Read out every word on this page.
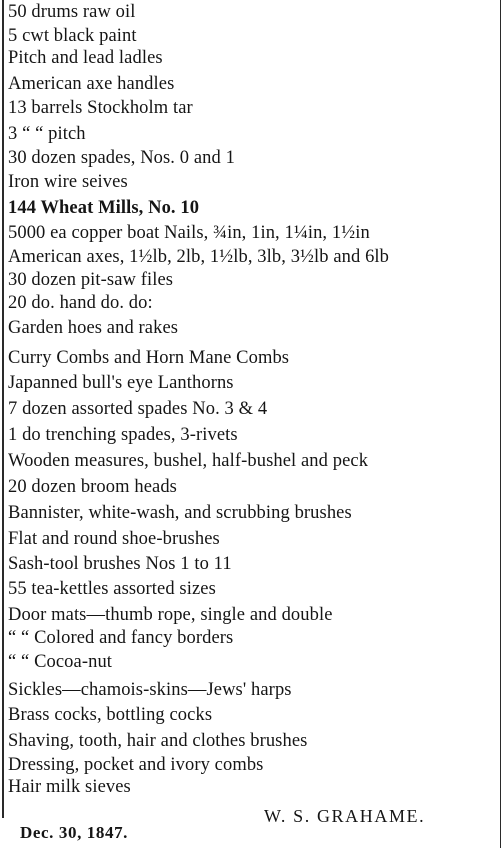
50 drums raw oil
5 cwt black paint
Pitch and lead ladles
American axe handles
13 barrels Stockholm tar
3 “ “ pitch
30 dozen spades, Nos. 0 and 1
Iron wire seives
144 Wheat Mills, No. 10
5000 ea copper boat Nails, ¾in, 1in, 1¼in, 1½in
American axes, 1½lb, 2lb, 1½lb, 3lb, 3½lb and 6lb
30 dozen pit-saw files
20 do. hand do. do:
Garden hoes and rakes
Curry Combs and Horn Mane Combs
Japanned bull's eye Lanthorns
7 dozen assorted spades No. 3 & 4
1 do trenching spades, 3-rivets
Wooden measures, bushel, half-bushel and peck
20 dozen broom heads
Bannister, white-wash, and scrubbing brushes
Flat and round shoe-brushes
Sash-tool brushes Nos 1 to 11
55 tea-kettles assorted sizes
Door mats—thumb rope, single and double
“ “ Colored and fancy borders
“ “ Cocoa-nut
Sickles—chamois-skins—Jews' harps
Brass cocks, bottling cocks
Shaving, tooth, hair and clothes brushes
Dressing, pocket and ivory combs
Hair milk sieves
W. S. GRAHAME.
Dec. 30, 1847.
